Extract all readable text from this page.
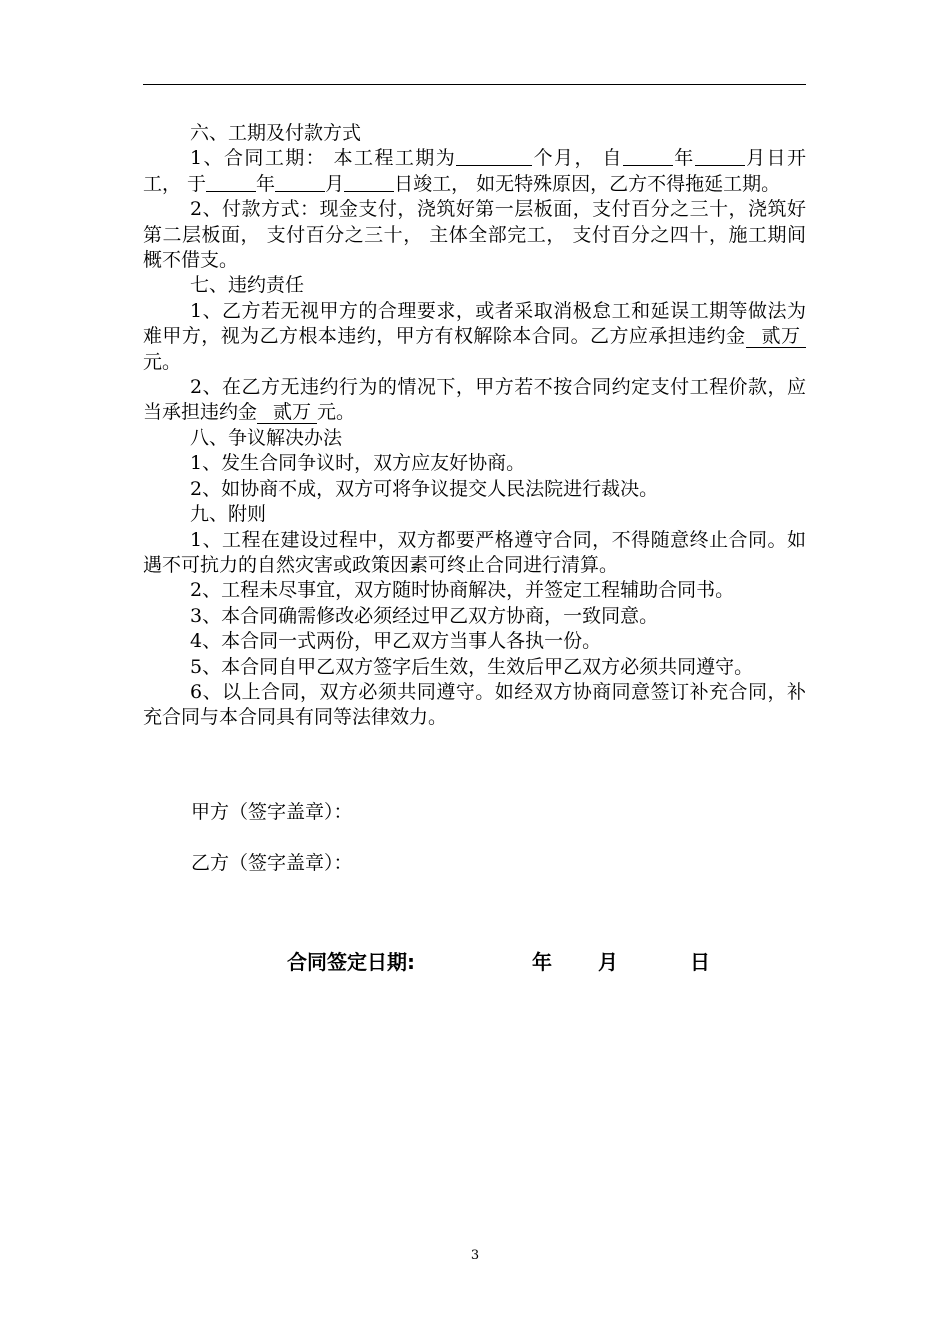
六、工期及付款方式

1、合同工期： 本工程工期为	个月， 自	年	月日开工， 于	年	月	日竣工， 如无特殊原因，乙方不得拖延工期。

2、付款方式：现金支付，浇筑好第一层板面，支付百分之三十，浇筑好第二层板面， 支付百分之三十， 主体全部完工， 支付百分之四十，施工期间概不借支。

七、违约责任

1、乙方若无视甲方的合理要求，或者采取消极怠工和延误工期等做法为难甲方，视为乙方根本违约，甲方有权解除本合同。乙方应承担违约金 贰万元。

2、在乙方无违约行为的情况下，甲方若不按合同约定支付工程价款，应当承担违约金 贰万 元。

八、争议解决办法

1、发生合同争议时，双方应友好协商。

2、如协商不成，双方可将争议提交人民法院进行裁决。

九、附则

1、工程在建设过程中，双方都要严格遵守合同，不得随意终止合同。如遇不可抗力的自然灾害或政策因素可终止合同进行清算。

2、工程未尽事宜，双方随时协商解决，并签定工程辅助合同书。

3、本合同确需修改必须经过甲乙双方协商，一致同意。

4、本合同一式两份，甲乙双方当事人各执一份。

5、本合同自甲乙双方签字后生效，生效后甲乙双方必须共同遵守。

6、以上合同，双方必须共同遵守。如经双方协商同意签订补充合同，补充合同与本合同具有同等法律效力。

甲方（签字盖章）：
乙方（签字盖章）：
合同签定日期:	年 月	日
3
